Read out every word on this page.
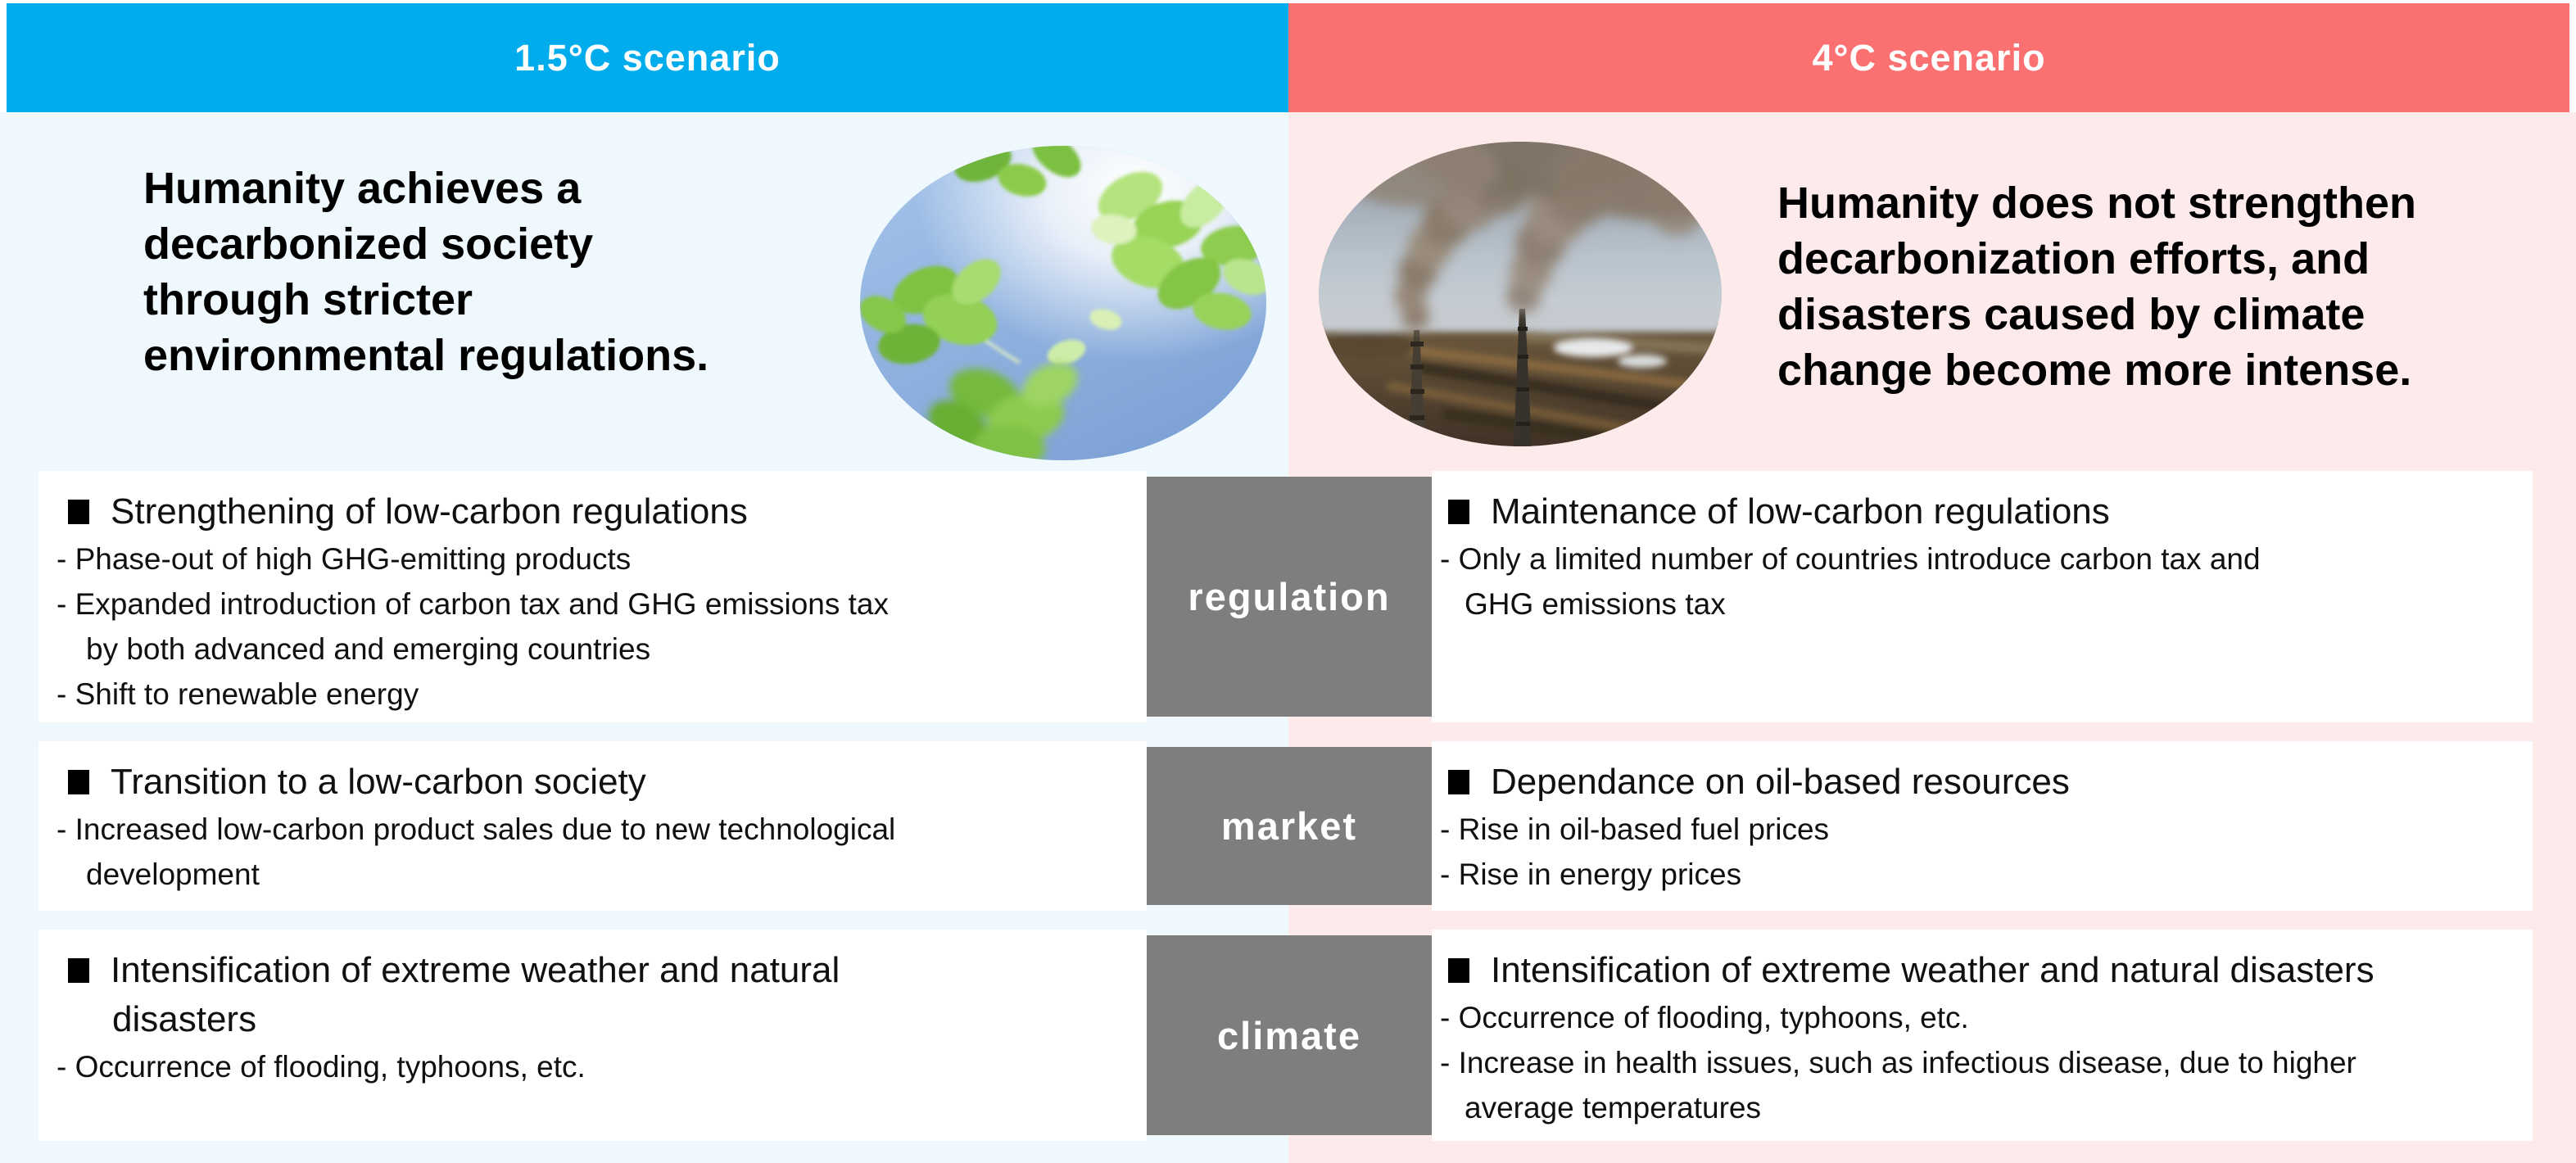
1.5°C scenario	4°C scenario
Humanity achieves a
decarbonized society
through stricter
environmental regulations.
Humanity does not strengthen
decarbonization efforts, and
disasters caused by climate
change become more intense.
Strengthening of low-carbon regulations
- Phase-out of high GHG-emitting products
- Expanded introduction of carbon tax and GHG emissions tax
by both advanced and emerging countries
- Shift to renewable energy
regulation
Maintenance of low-carbon regulations
- Only a limited number of countries introduce carbon tax and
GHG emissions tax
Transition to a low-carbon society
- Increased low-carbon product sales due to new technological
development
market
Dependance on oil-based resources
- Rise in oil-based fuel prices
- Rise in energy prices
Intensification of extreme weather and natural
disasters
- Occurrence of flooding, typhoons, etc.
climate
Intensification of extreme weather and natural disasters
- Occurrence of flooding, typhoons, etc.
- Increase in health issues, such as infectious disease, due to higher
average temperatures
